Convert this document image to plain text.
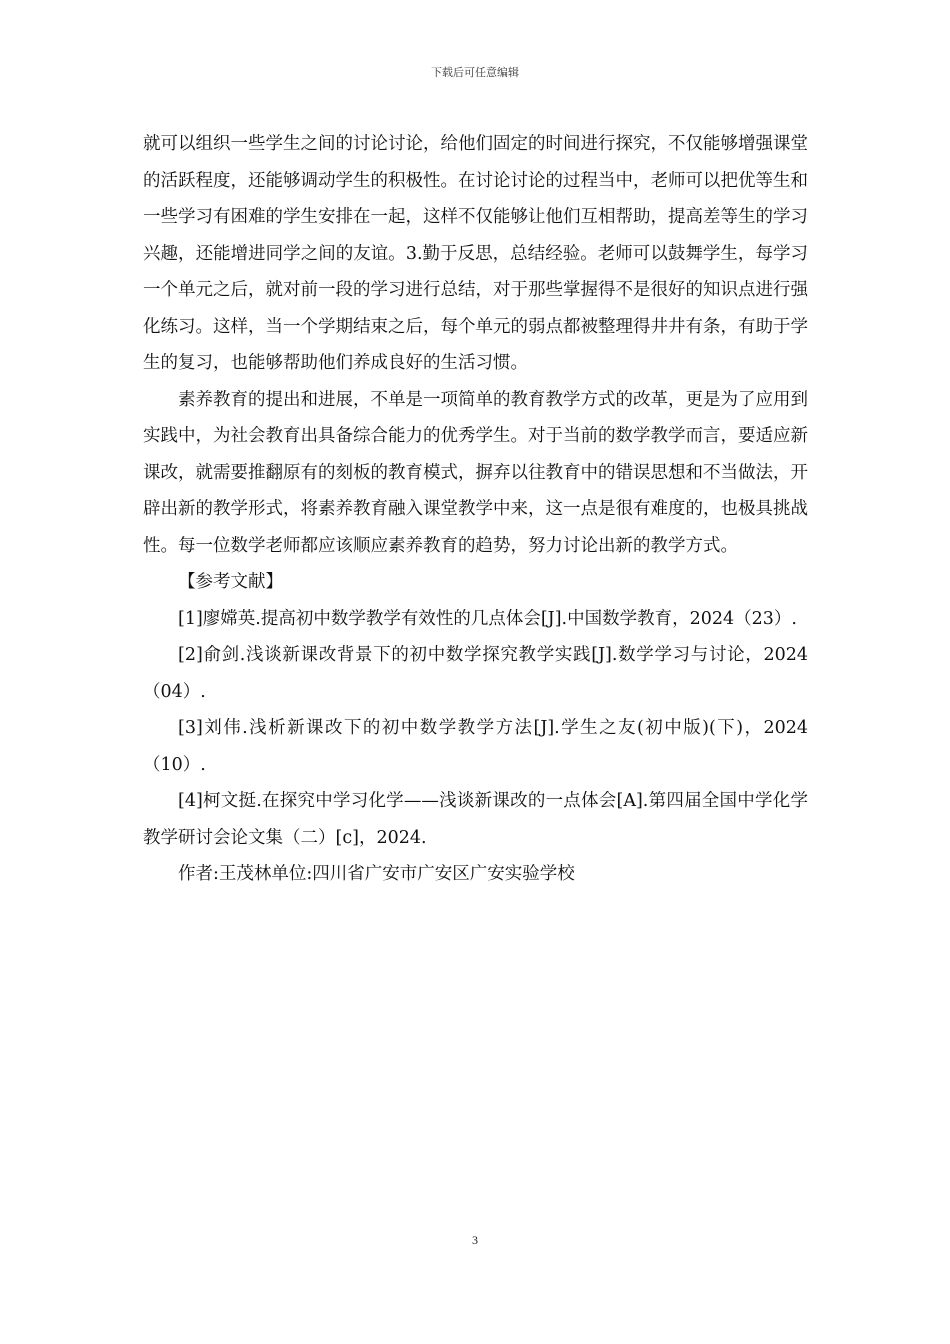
下载后可任意编辑

就可以组织一些学生之间的讨论讨论，给他们固定的时间进行探究，不仅能够增强课堂的活跃程度，还能够调动学生的积极性。在讨论讨论的过程当中，老师可以把优等生和一些学习有困难的学生安排在一起，这样不仅能够让他们互相帮助，提高差等生的学习兴趣，还能增进同学之间的友谊。3.勤于反思，总结经验。老师可以鼓舞学生，每学习一个单元之后，就对前一段的学习进行总结，对于那些掌握得不是很好的知识点进行强化练习。这样，当一个学期结束之后，每个单元的弱点都被整理得井井有条，有助于学生的复习，也能够帮助他们养成良好的生活习惯。

素养教育的提出和进展，不单是一项简单的教育教学方式的改革，更是为了应用到实践中，为社会教育出具备综合能力的优秀学生。对于当前的数学教学而言，要适应新课改，就需要推翻原有的刻板的教育模式，摒弃以往教育中的错误思想和不当做法，开辟出新的教学形式，将素养教育融入课堂教学中来，这一点是很有难度的，也极具挑战性。每一位数学老师都应该顺应素养教育的趋势，努力讨论出新的教学方式。

【参考文献】

[1]廖嫦英.提高初中数学教学有效性的几点体会[J].中国数学教育，2024（23）.

[2]俞剑.浅谈新课改背景下的初中数学探究教学实践[J].数学学习与讨论，2024（04）.

[3]刘伟.浅析新课改下的初中数学教学方法[J].学生之友(初中版)(下)，2024（10）.

[4]柯文挺.在探究中学习化学——浅谈新课改的一点体会[A].第四届全国中学化学教学研讨会论文集（二）[c]，2024.

作者:王茂林单位:四川省广安市广安区广安实验学校

3
